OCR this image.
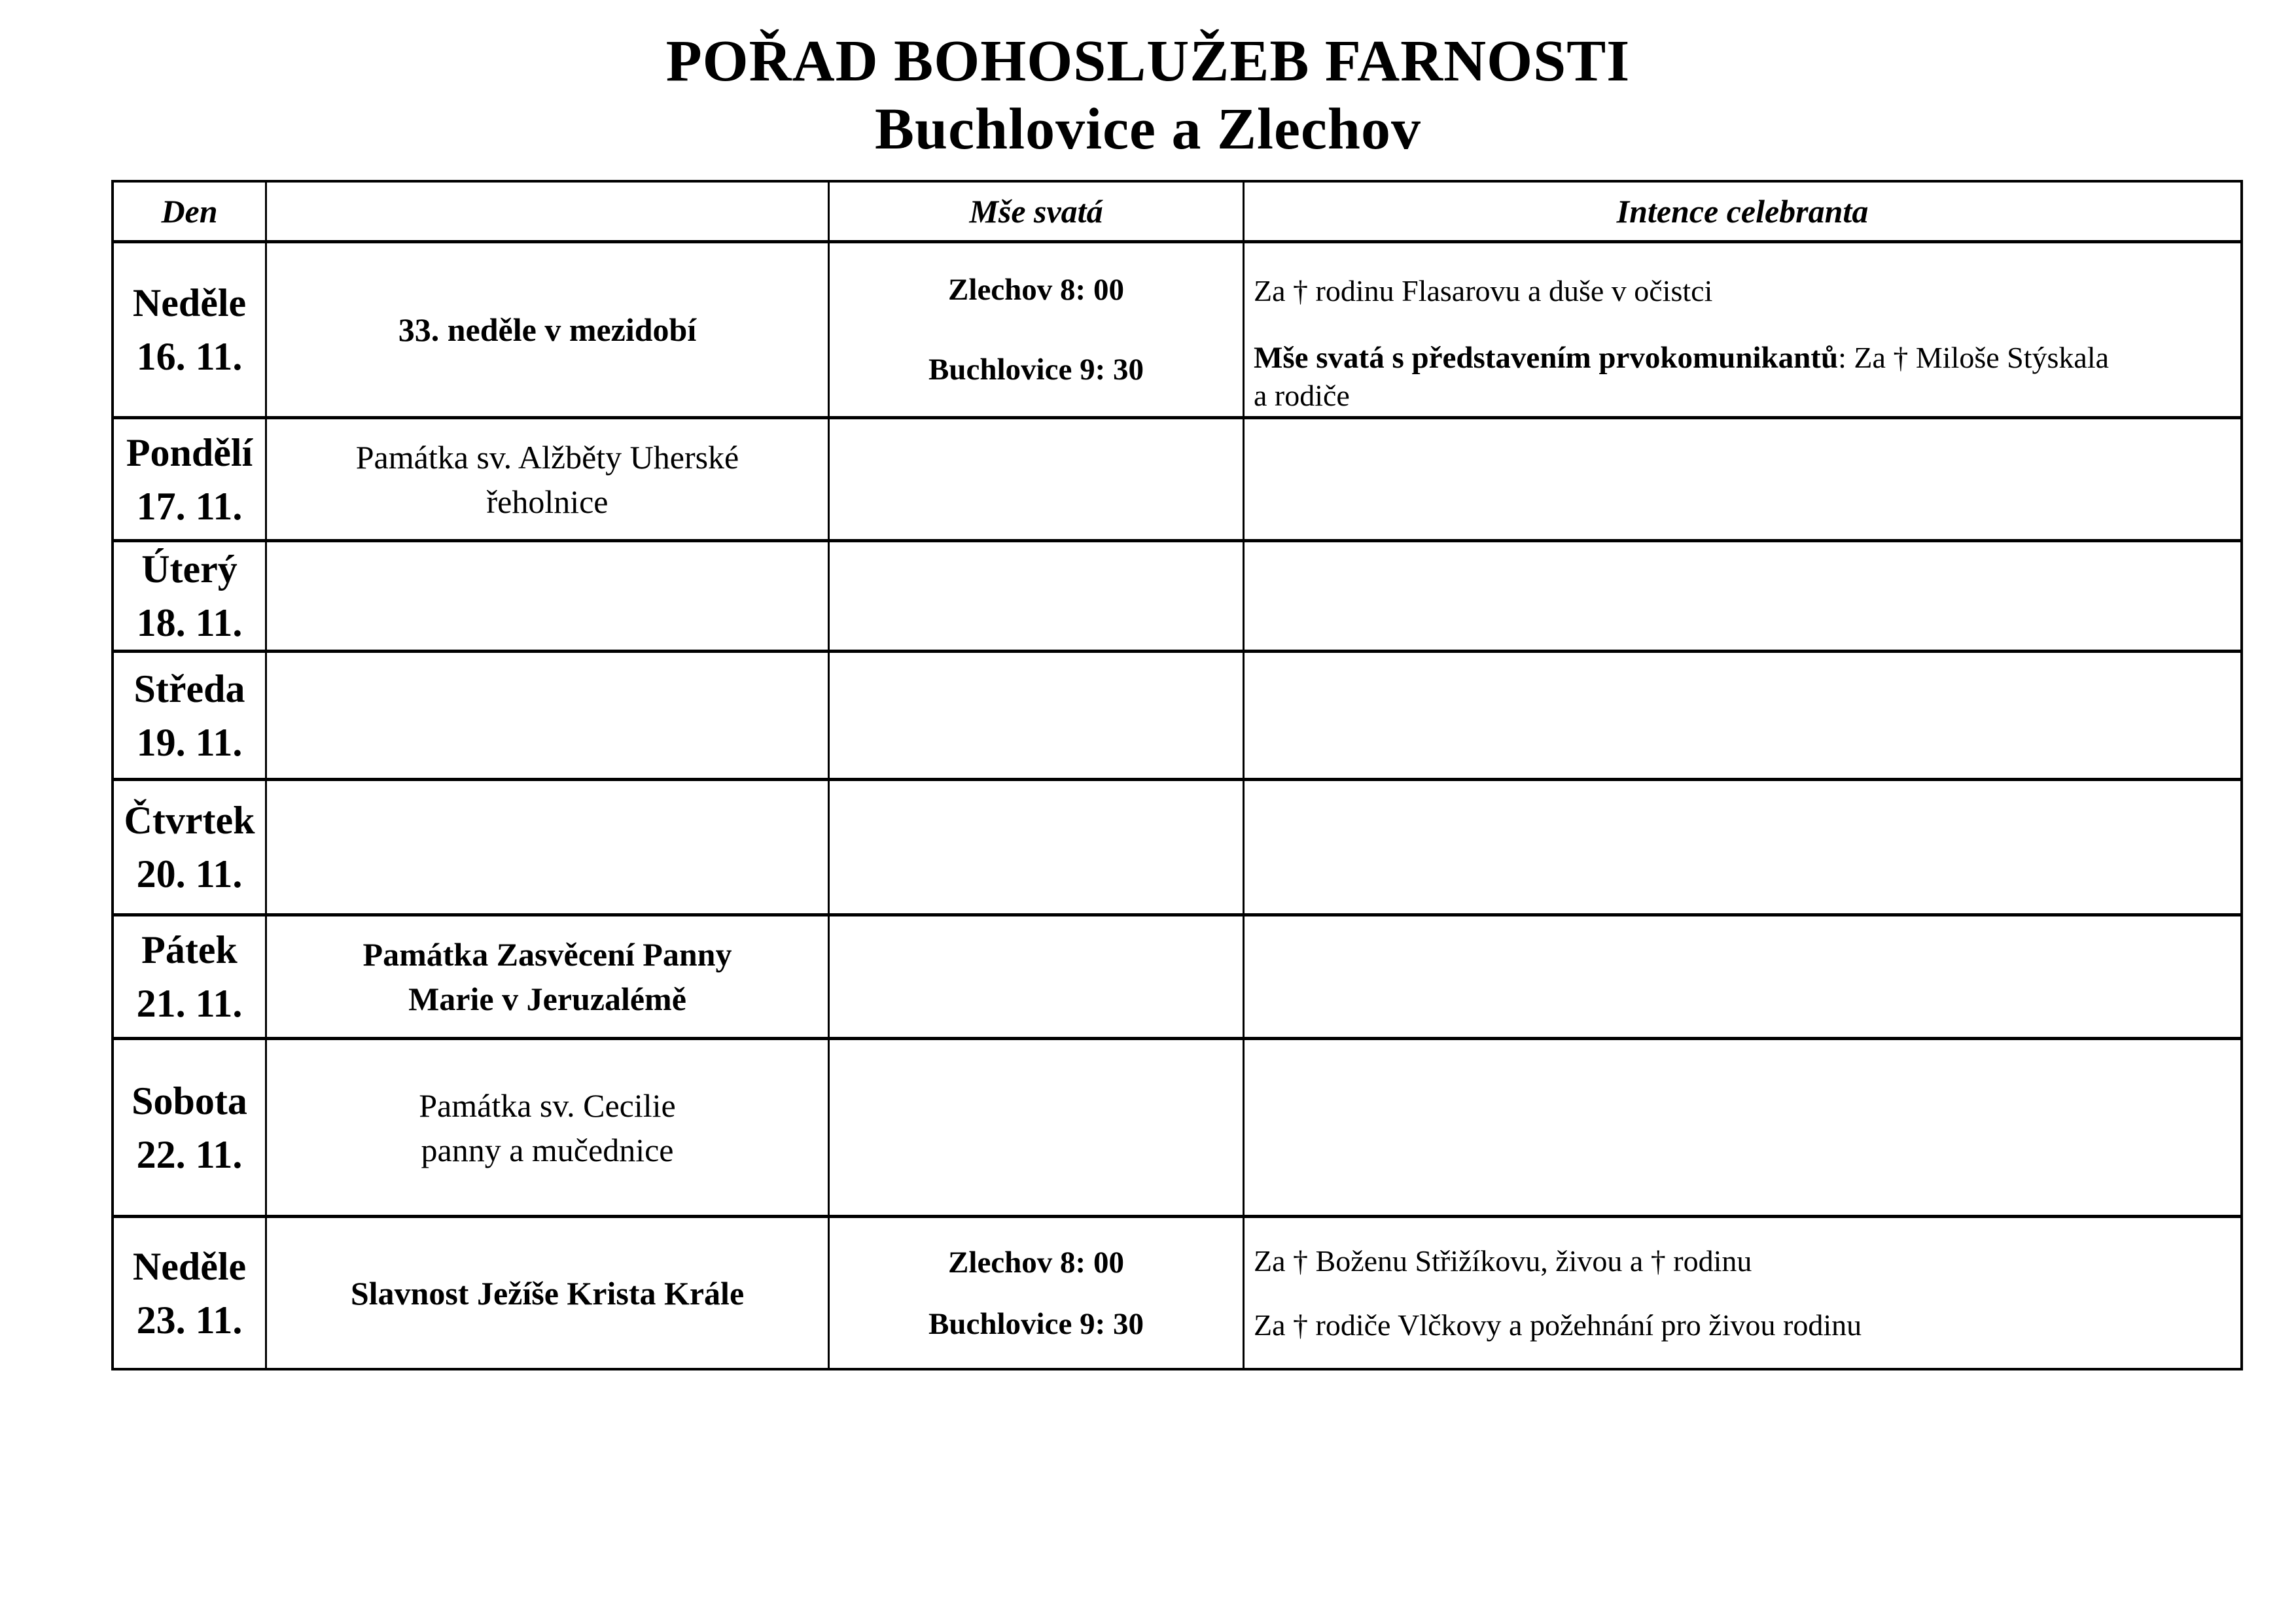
POŘAD BOHOSLUŽEB FARNOSTI
Buchlovice a Zlechov
Den	Mše svatá	Intence celebranta
Neděle
16. 11.
33. neděle v mezidobí
Zlechov 8: 00
Buchlovice 9: 30
Za † rodinu Flasarovu a duše v očistci
Mše svatá s představením prvokomunikantů: Za † Miloše Stýskala
a rodiče
Pondělí
17. 11.
Památka sv. Alžběty Uherské
řeholnice
Úterý
18. 11.
Středa
19. 11.
Čtvrtek
20. 11.
Pátek
21. 11.
Památka Zasvěcení Panny
Marie v Jeruzalémě
Sobota
22. 11.
Památka sv. Cecilie
panny a mučednice
Neděle
23. 11.
Slavnost Ježíše Krista Krále
Zlechov 8: 00
Buchlovice 9: 30
Za † Boženu Střižíkovu, živou a † rodinu
Za † rodiče Vlčkovy a požehnání pro živou rodinu
